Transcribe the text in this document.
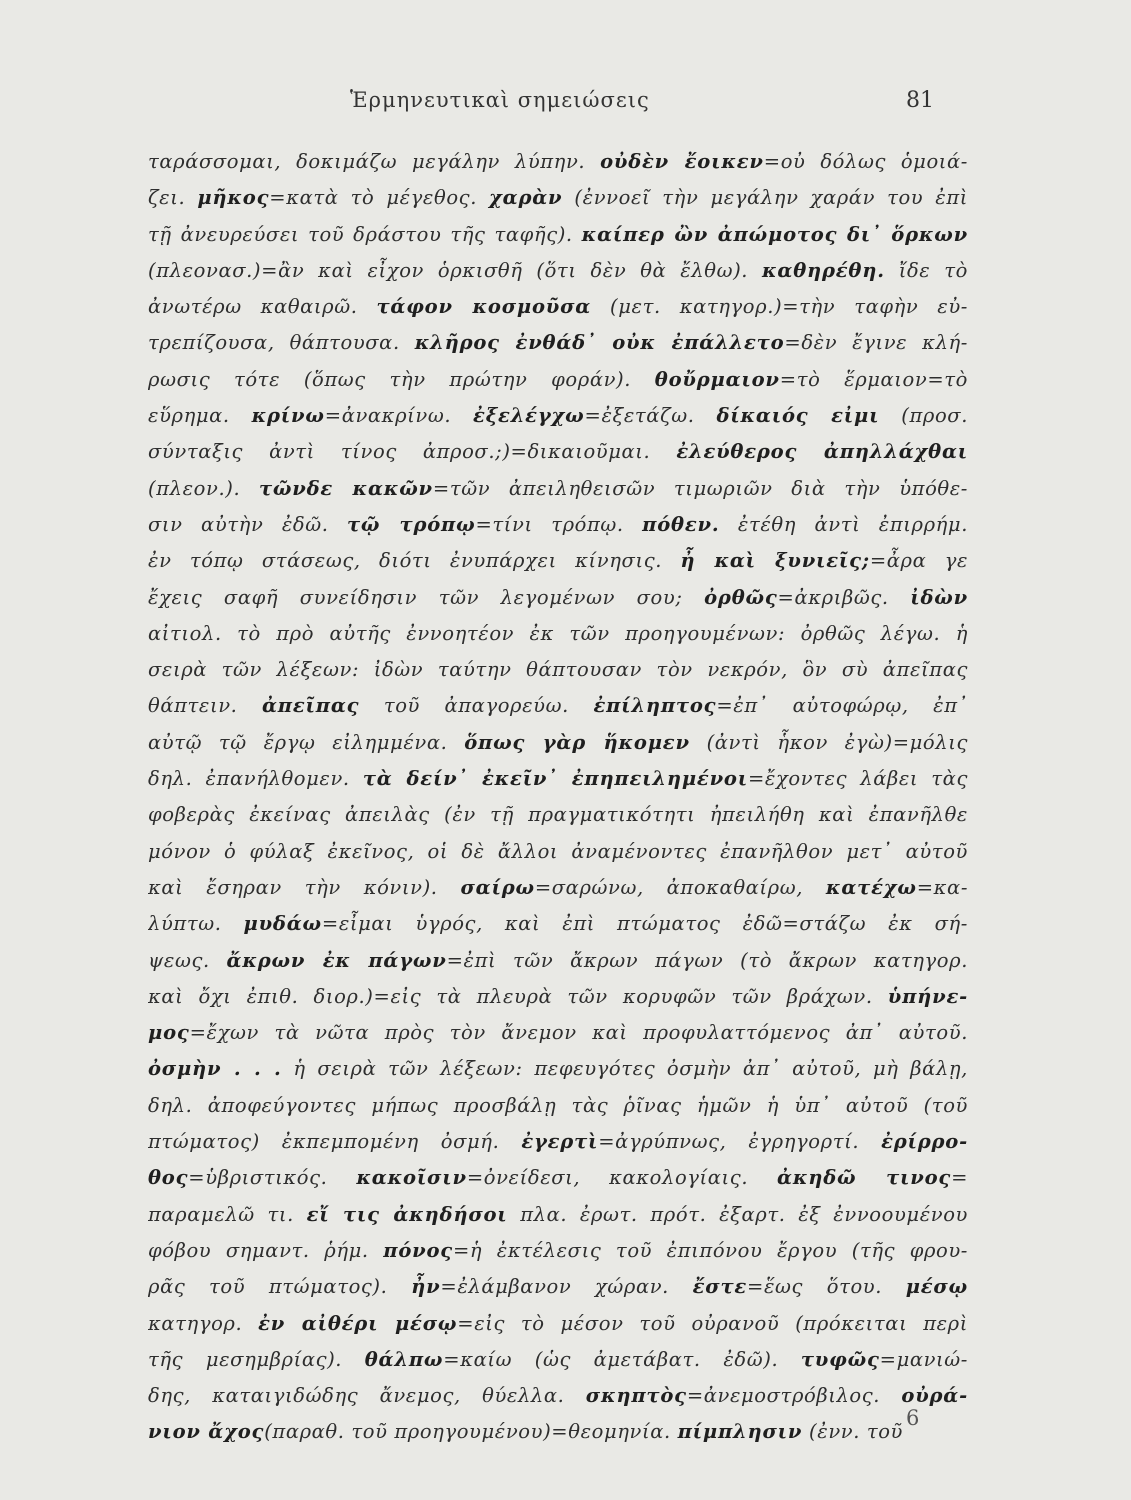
Ἑρμηνευτικαὶ σημειώσεις	81
ταράσσομαι, δοκιμάζω μεγάλην λύπην. οὐδὲν ἔοικεν=οὐ δόλως ὁμοιά-
ζει. μῆκος=κατὰ τὸ μέγεθος. χαρὰν (ἐννοεῖ τὴν μεγάλην χαράν του ἐπὶ
τῇ ἀνευρεύσει τοῦ δράστου τῆς ταφῆς). καίπερ ὢν ἀπώμοτος δι᾽ ὅρκων
(πλεονασ.)=ἂν καὶ εἶχον ὁρκισθῆ (ὅτι δὲν θὰ ἔλθω). καθηρέθη. ἴδε τὸ
ἀνωτέρω καθαιρῶ. τάφον κοσμοῦσα (μετ. κατηγορ.)=τὴν ταφὴν εὐ-
τρεπίζουσα, θάπτουσα. κλῆρος ἐνθάδ᾽ οὐκ ἐπάλλετο=δὲν ἔγινε κλή-
ρωσις τότε (ὅπως τὴν πρώτην φοράν). θοὔρμαιον=τὸ ἕρμαιον=τὸ
εὕρημα. κρίνω=ἀνακρίνω. ἐξελέγχω=ἐξετάζω. δίκαιός εἰμι (προσ.
σύνταξις ἀντὶ τίνος ἀπροσ.;)=δικαιοῦμαι. ἐλεύθερος ἀπηλλάχθαι
(πλεον.). τῶνδε κακῶν=τῶν ἀπειληθεισῶν τιμωριῶν διὰ τὴν ὑπόθε-
σιν αὐτὴν ἐδῶ. τῷ τρόπῳ=τίνι τρόπῳ. πόθεν. ἐτέθη ἀντὶ ἐπιρρήμ.
ἐν τόπῳ στάσεως, διότι ἐνυπάρχει κίνησις. ἦ καὶ ξυνιεῖς;=ἆρα γε
ἔχεις σαφῆ συνείδησιν τῶν λεγομένων σου; ὀρθῶς=ἀκριβῶς. ἰδὼν
αἰτιολ. τὸ πρὸ αὐτῆς ἐννοητέον ἐκ τῶν προηγουμένων: ὀρθῶς λέγω. ἡ
σειρὰ τῶν λέξεων: ἰδὼν ταύτην θάπτουσαν τὸν νεκρόν, ὃν σὺ ἀπεῖπας
θάπτειν. ἀπεῖπας τοῦ ἀπαγορεύω. ἐπίληπτος=ἐπ᾽ αὐτοφώρῳ, ἐπ᾽
αὐτῷ τῷ ἔργῳ εἰλημμένα. ὅπως γὰρ ἥκομεν (ἀντὶ ἧκον ἐγὼ)=μόλις
δηλ. ἐπανήλθομεν. τὰ δείν᾽ ἐκεῖν᾽ ἐπηπειλημένοι=ἔχοντες λάβει τὰς
φοβερὰς ἐκείνας ἀπειλὰς (ἐν τῇ πραγματικότητι ἠπειλήθη καὶ ἐπανῆλθε
μόνον ὁ φύλαξ ἐκεῖνος, οἱ δὲ ἄλλοι ἀναμένοντες ἐπανῆλθον μετ᾽ αὐτοῦ
καὶ ἔσηραν τὴν κόνιν). σαίρω=σαρώνω, ἀποκαθαίρω, κατέχω=κα-
λύπτω. μυδάω=εἶμαι ὑγρός, καὶ ἐπὶ πτώματος ἐδῶ=στάζω ἐκ σή-
ψεως. ἄκρων ἐκ πάγων=ἐπὶ τῶν ἄκρων πάγων (τὸ ἄκρων κατηγορ.
καὶ ὄχι ἐπιθ. διορ.)=εἰς τὰ πλευρὰ τῶν κορυφῶν τῶν βράχων. ὑπήνε-
μος=ἔχων τὰ νῶτα πρὸς τὸν ἄνεμον καὶ προφυλαττόμενος ἀπ᾽ αὐτοῦ.
ὀσμὴν . . . ἡ σειρὰ τῶν λέξεων: πεφευγότες ὀσμὴν ἀπ᾽ αὐτοῦ, μὴ βάλῃ,
δηλ. ἀποφεύγοντες μήπως προσβάλῃ τὰς ῥῖνας ἡμῶν ἡ ὑπ᾽ αὐτοῦ (τοῦ
πτώματος) ἐκπεμπομένη ὀσμή. ἐγερτὶ=ἀγρύπνως, ἐγρηγορτί. ἐρίρρο-
θος=ὑβριστικός. κακοῖσιν=ὀνείδεσι, κακολογίαις. ἀκηδῶ τινος=
παραμελῶ τι. εἴ τις ἀκηδήσοι πλα. ἐρωτ. πρότ. ἐξαρτ. ἐξ ἐννοουμένου
φόβου σημαντ. ῥήμ. πόνος=ἡ ἐκτέλεσις τοῦ ἐπιπόνου ἔργου (τῆς φρου-
ρᾶς τοῦ πτώματος). ἦν=ἐλάμβανον χώραν. ἔστε=ἕως ὅτου. μέσῳ
κατηγορ. ἐν αἰθέρι μέσῳ=εἰς τὸ μέσον τοῦ οὐρανοῦ (πρόκειται περὶ
τῆς μεσημβρίας). θάλπω=καίω (ὡς ἀμετάβατ. ἐδῶ). τυφῶς=μανιώ-
δης, καταιγιδώδης ἄνεμος, θύελλα. σκηπτὸς=ἀνεμοστρόβιλος. οὐρά-
νιον ἄχος(παραθ. τοῦ προηγουμένου)=θεομηνία. πίμπλησιν (ἐνν. τοῦ
6
